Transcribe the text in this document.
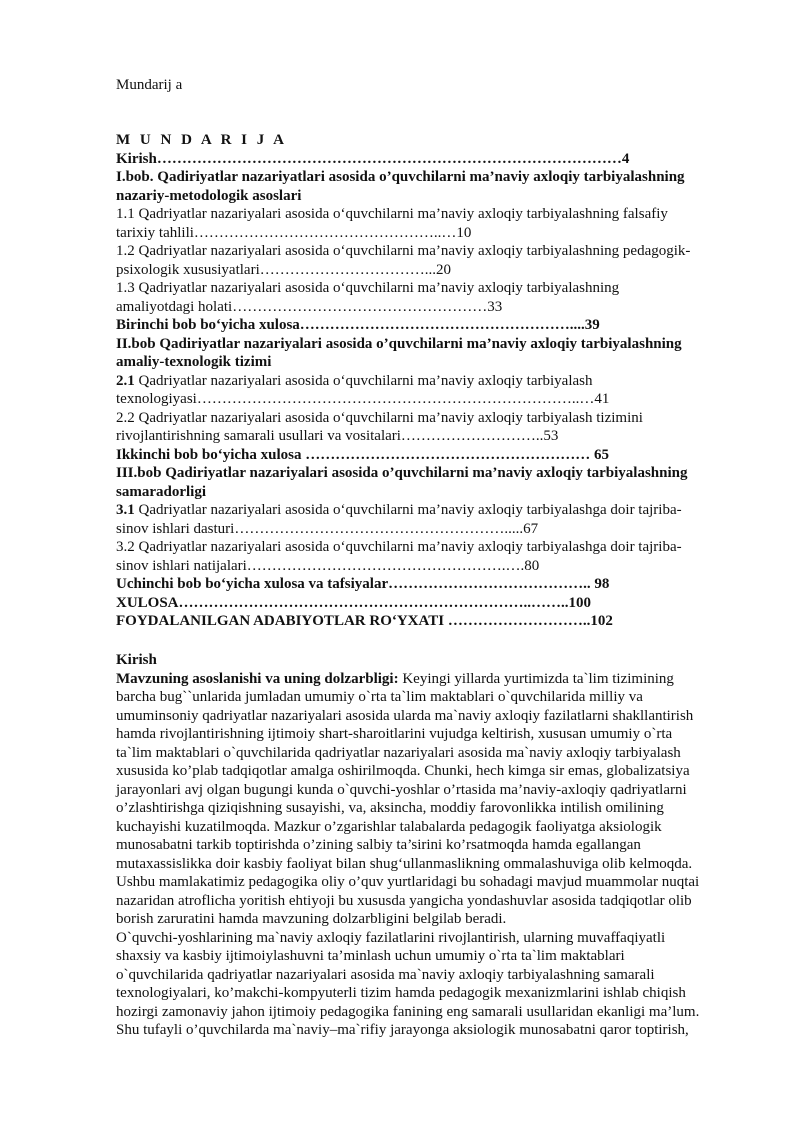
Mundarij a
M U N D A R I J A
Kirish…………………………………………………………………………………4
I.bob. Qadiriyatlar nazariyatlari asosida o’quvchilarni ma’naviy axloqiy tarbiyalashning
nazariy-metodologik asoslari
1.1 Qadriyatlar nazariyalari asosida o‘quvchilarni ma’naviy axloqiy tarbiyalashning falsafiy
tarixiy tahlili…………………………………………..…10
1.2 Qadriyatlar nazariyalari asosida o‘quvchilarni ma’naviy axloqiy tarbiyalashning pedagogik-
psixologik xususiyatlari……………………………...20
1.3 Qadriyatlar nazariyalari asosida o‘quvchilarni ma’naviy axloqiy tarbiyalashning
amaliyotdagi holati……………………………………………33
Birinchi bob bo‘yicha xulosa………………………………………………....39
II.bob Qadiriyatlar nazariyalari asosida o’quvchilarni ma’naviy axloqiy tarbiyalashning
amaliy-texnologik tizimi
2.1 Qadriyatlar nazariyalari asosida o‘quvchilarni ma’naviy axloqiy tarbiyalash
texnologiyasi…………………………………………………………………..…41
2.2 Qadriyatlar nazariyalari asosida o‘quvchilarni ma’naviy axloqiy tarbiyalash tizimini
rivojlantirishning samarali usullari va vositalari………………………..53
Ikkinchi bob bo‘yicha xulosa ………………………………………………… 65
III.bob Qadiriyatlar nazariyalari asosida o’quvchilarni ma’naviy axloqiy tarbiyalashning
samaradorligi
3.1 Qadriyatlar nazariyalari asosida o‘quvchilarni ma’naviy axloqiy tarbiyalashga doir tajriba-
sinov ishlari dasturi……………………………………………….....67
3.2 Qadriyatlar nazariyalari asosida o‘quvchilarni ma’naviy axloqiy tarbiyalashga doir tajriba-
sinov ishlari natijalari…………………………………………….….80
Uchinchi bob bo‘yicha xulosa va tafsiyalar………………………………….. 98
XULOSA……………………………………………………………..……..100
FOYDALANILGAN ADABIYOTLAR RO‘YXATI ………………………..102
Kirish
Mavzuning asoslanishi va uning dolzarbligi: Keyingi yillarda yurtimizda ta`lim tizimining
barcha bug``unlarida jumladan umumiy o`rta ta`lim maktablari o`quvchilarida milliy va
umuminsoniy qadriyatlar nazariyalari asosida ularda ma`naviy axloqiy fazilatlarni shakllantirish
hamda rivojlantirishning ijtimoiy shart-sharoitlarini vujudga keltirish, xususan umumiy o`rta
ta`lim maktablari o`quvchilarida qadriyatlar nazariyalari asosida ma`naviy axloqiy tarbiyalash
xususida ko’plab tadqiqotlar amalga oshirilmoqda. Chunki, hech kimga sir emas, globalizatsiya
jarayonlari avj olgan bugungi kunda o`quvchi-yoshlar o’rtasida ma’naviy-axloqiy qadriyatlarni
o’zlashtirishga qiziqishning susayishi, va, aksincha, moddiy farovonlikka intilish omilining
kuchayishi kuzatilmoqda. Mazkur o’zgarishlar talabalarda pedagogik faoliyatga aksiologik
munosabatni tarkib toptirishda o’zining salbiy ta’sirini ko’rsatmoqda hamda egallangan
mutaxassislikka doir kasbiy faoliyat bilan shug‘ullanmaslikning ommalashuviga olib kelmoqda.
Ushbu mamlakatimiz pedagogika oliy o’quv yurtlaridagi bu sohadagi mavjud muammolar nuqtai
nazaridan atroflicha yoritish ehtiyoji bu xususda yangicha yondashuvlar asosida tadqiqotlar olib
borish zaruratini hamda mavzuning dolzarbligini belgilab beradi.
O`quvchi-yoshlarining ma`naviy axloqiy fazilatlarini rivojlantirish, ularning muvaffaqiyatli
shaxsiy va kasbiy ijtimoiylashuvni ta’minlash uchun umumiy o`rta ta`lim maktablari
o`quvchilarida qadriyatlar nazariyalari asosida ma`naviy axloqiy tarbiyalashning samarali
texnologiyalari, ko’makchi-kompyuterli tizim hamda pedagogik mexanizmlarini ishlab chiqish
hozirgi zamonaviy jahon ijtimoiy pedagogika fanining eng samarali usullaridan ekanligi ma’lum.
Shu tufayli o’quvchilarda ma`naviy–ma`rifiy jarayonga aksiologik munosabatni qaror toptirish,
